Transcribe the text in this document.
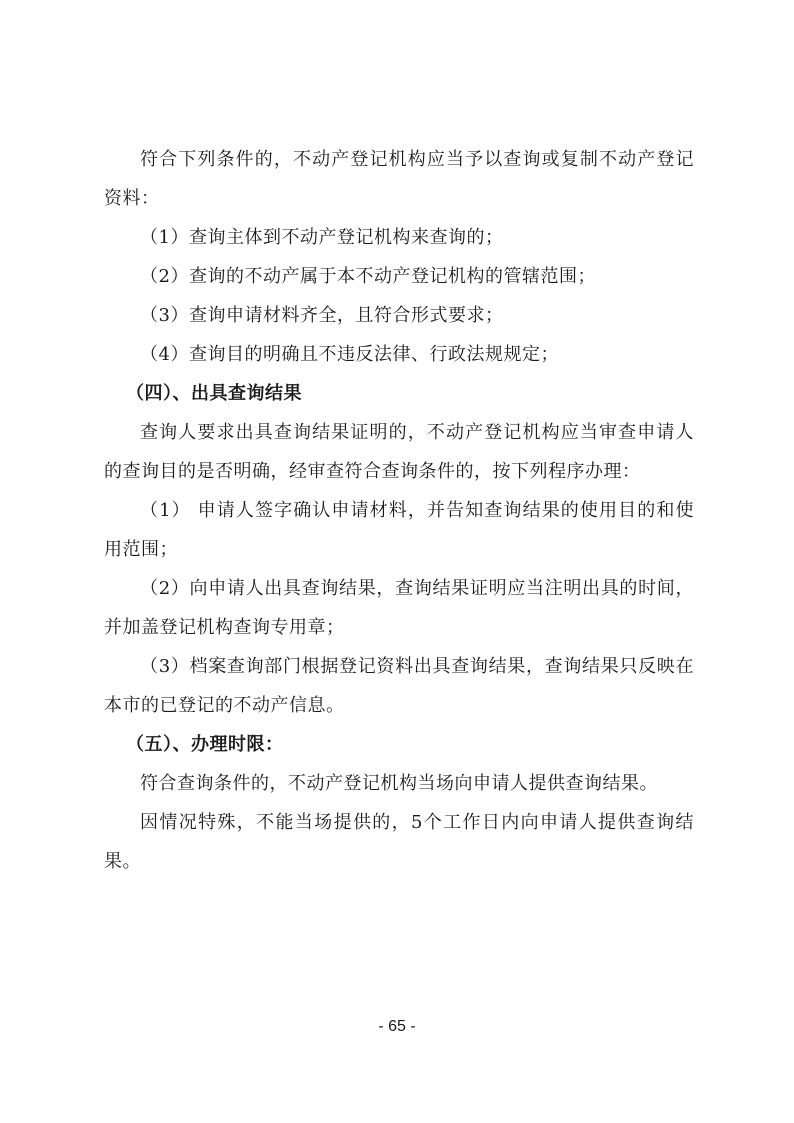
符合下列条件的，不动产登记机构应当予以查询或复制不动产登记资料：

（1）查询主体到不动产登记机构来查询的；

（2）查询的不动产属于本不动产登记机构的管辖范围；

（3）查询申请材料齐全，且符合形式要求；

（4）查询目的明确且不违反法律、行政法规规定；

（四）、出具查询结果

查询人要求出具查询结果证明的，不动产登记机构应当审查申请人的查询目的是否明确，经审查符合查询条件的，按下列程序办理：

（1） 申请人签字确认申请材料，并告知查询结果的使用目的和使用范围；

（2）向申请人出具查询结果，查询结果证明应当注明出具的时间，并加盖登记机构查询专用章；

（3）档案查询部门根据登记资料出具查询结果，查询结果只反映在本市的已登记的不动产信息。

（五）、办理时限：

符合查询条件的，不动产登记机构当场向申请人提供查询结果。

因情况特殊，不能当场提供的，5个工作日内向申请人提供查询结果。

- 65 -
